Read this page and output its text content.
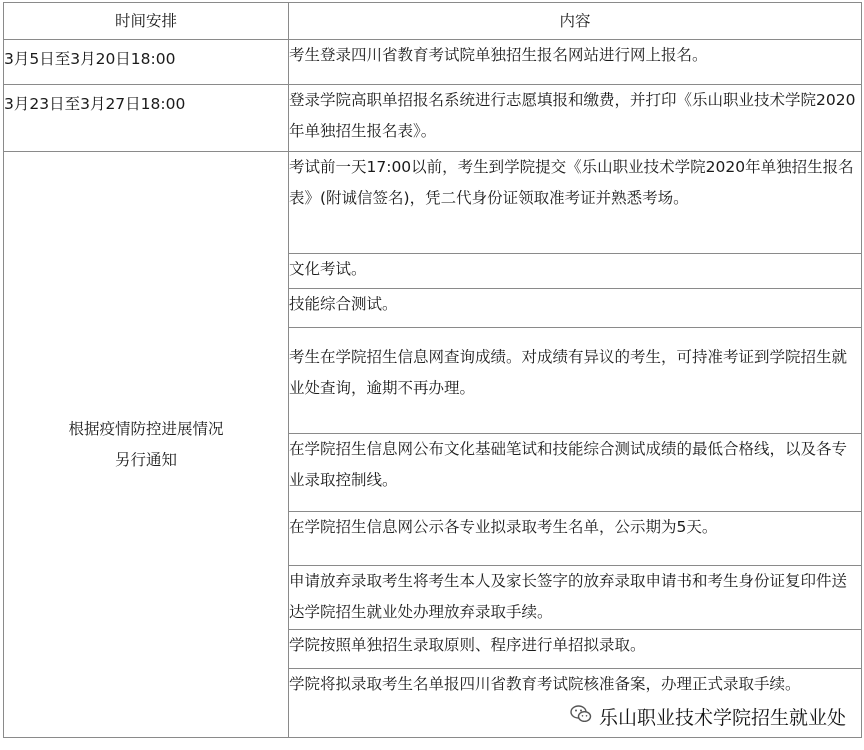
时间安排	内容

3月5日至3月20日18:00	考生登录四川省教育考试院单独招生报名网站进行网上报名。

3月23日至3月27日18:00	登录学院高职单招报名系统进行志愿填报和缴费，并打印《乐山职业技术学院2020年单独招生报名表》。

根据疫情防控进展情况另行通知	考试前一天17:00以前，考生到学院提交《乐山职业技术学院2020年单独招生报名表》(附诚信签名)，凭二代身份证领取准考证并熟悉考场。

	文化考试。

	技能综合测试。

	考生在学院招生信息网查询成绩。对成绩有异议的考生，可持准考证到学院招生就业处查询，逾期不再办理。

	在学院招生信息网公布文化基础笔试和技能综合测试成绩的最低合格线，以及各专业录取控制线。

	在学院招生信息网公示各专业拟录取考生名单，公示期为5天。

	申请放弃录取考生将考生本人及家长签字的放弃录取申请书和考生身份证复印件送达学院招生就业处办理放弃录取手续。

	学院按照单独招生录取原则、程序进行单招拟录取。

	学院将拟录取考生名单报四川省教育考试院核准备案，办理正式录取手续。
乐山职业技术学院招生就业处
